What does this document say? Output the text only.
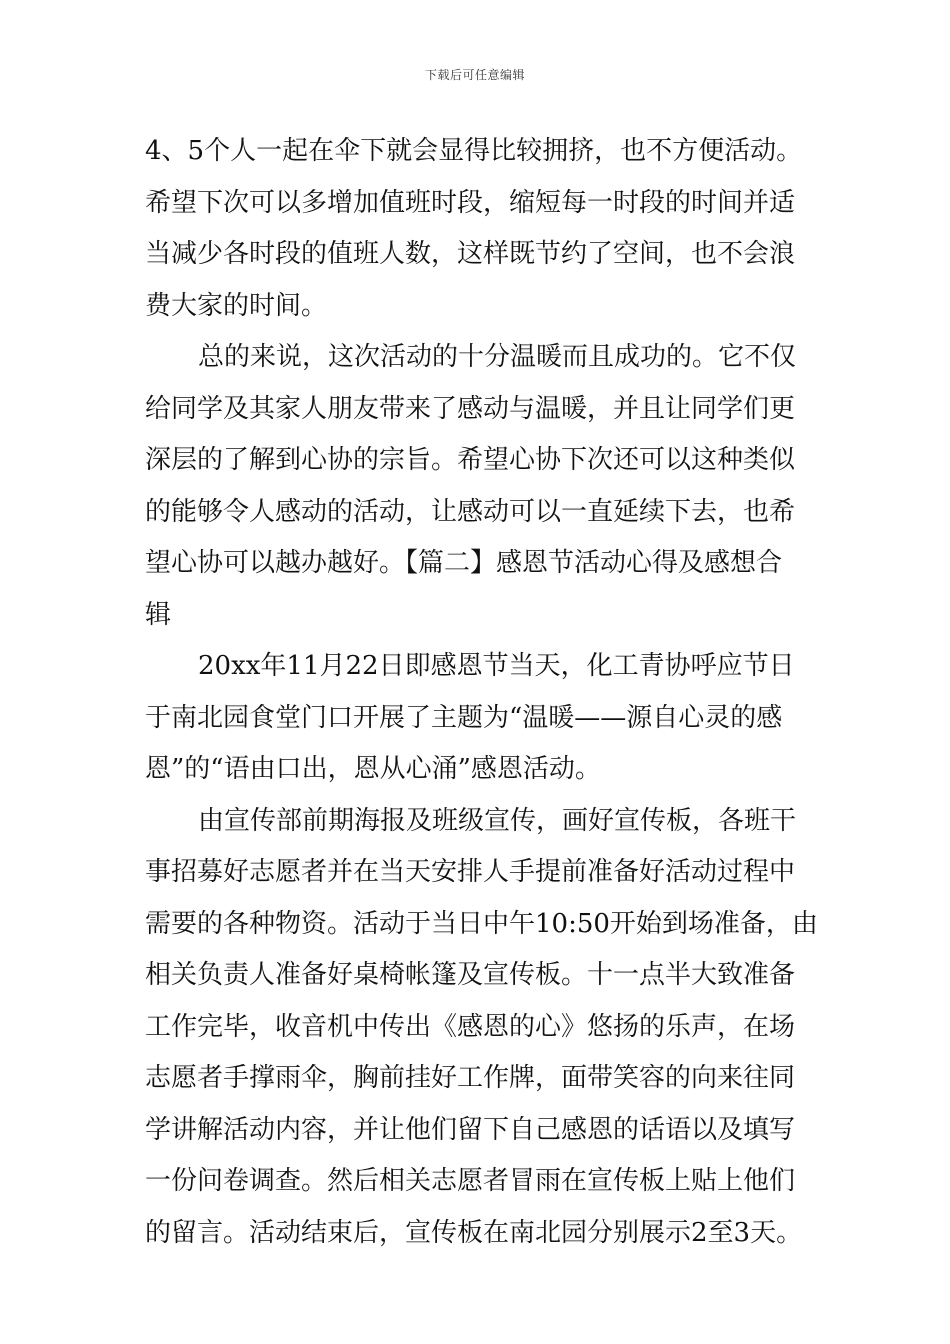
下载后可任意编辑
4、5个人一起在伞下就会显得比较拥挤，也不方便活动。
希望下次可以多增加值班时段，缩短每一时段的时间并适
当减少各时段的值班人数，这样既节约了空间，也不会浪
费大家的时间。
总的来说，这次活动的十分温暖而且成功的。它不仅
给同学及其家人朋友带来了感动与温暖，并且让同学们更
深层的了解到心协的宗旨。希望心协下次还可以这种类似
的能够令人感动的活动，让感动可以一直延续下去，也希
望心协可以越办越好。【篇二】感恩节活动心得及感想合
辑
20xx年11月22日即感恩节当天，化工青协呼应节日
于南北园食堂门口开展了主题为“温暖——源自心灵的感
恩”的“语由口出，恩从心涌”感恩活动。
由宣传部前期海报及班级宣传，画好宣传板，各班干
事招募好志愿者并在当天安排人手提前准备好活动过程中
需要的各种物资。活动于当日中午10:50开始到场准备，由
相关负责人准备好桌椅帐篷及宣传板。十一点半大致准备
工作完毕，收音机中传出《感恩的心》悠扬的乐声，在场
志愿者手撑雨伞，胸前挂好工作牌，面带笑容的向来往同
学讲解活动内容，并让他们留下自己感恩的话语以及填写
一份问卷调查。然后相关志愿者冒雨在宣传板上贴上他们
的留言。活动结束后，宣传板在南北园分别展示2至3天。
